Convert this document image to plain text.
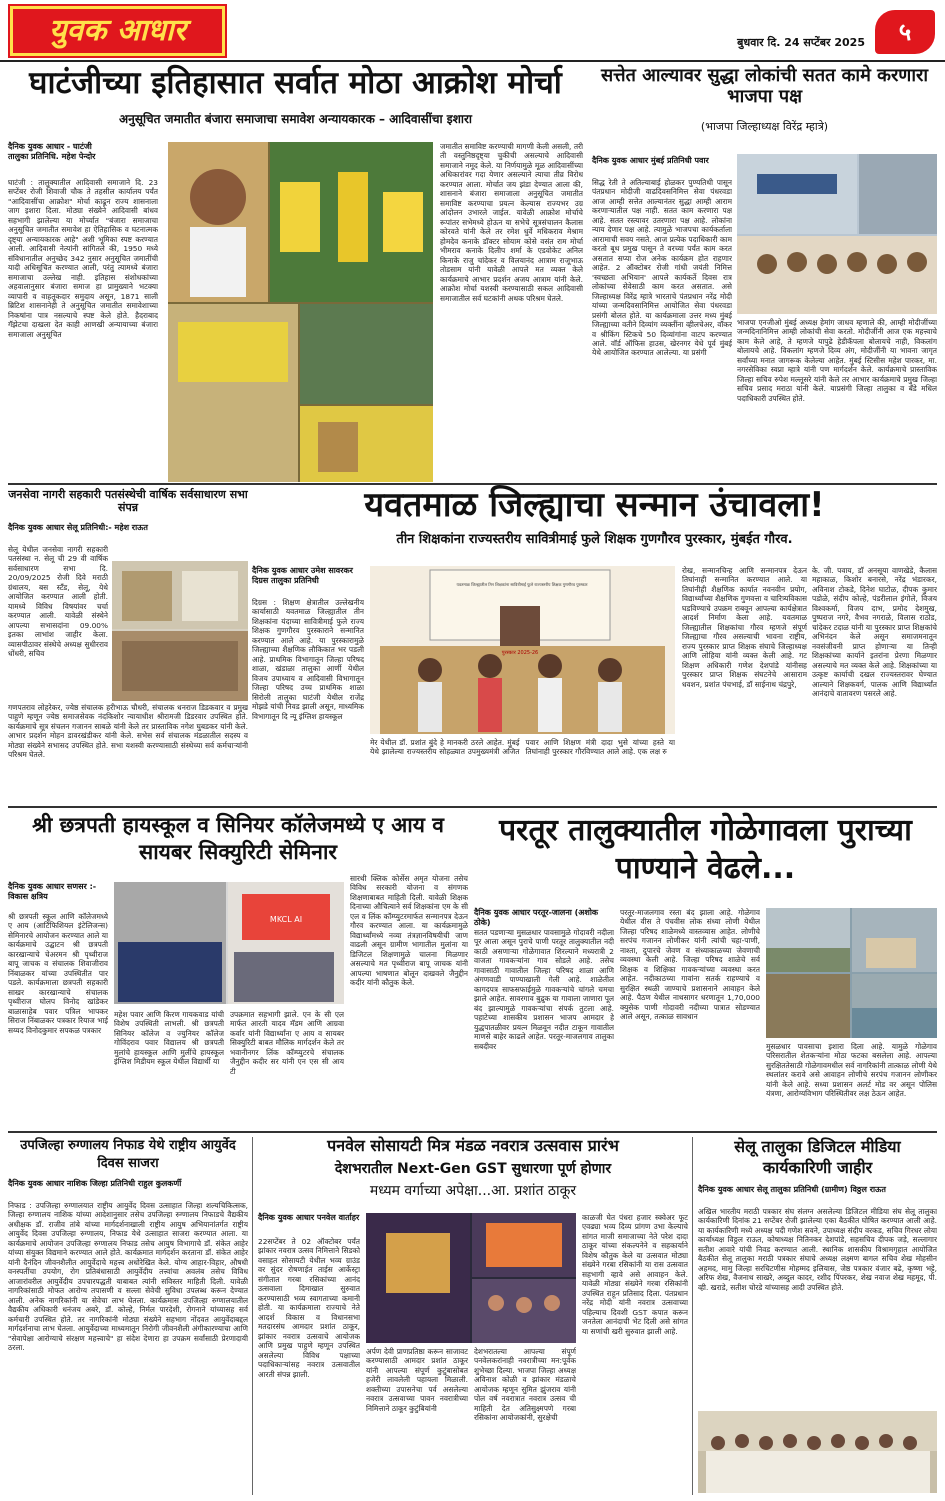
युवक आधार	बुधवार दि. 24 सप्टेंबर 2025	५
घाटंजीच्या इतिहासात सर्वात मोठा आक्रोश मोर्चा
अनुसूचित जमातीत बंजारा समाजाचा समावेश अन्यायकारक – आदिवासींचा इशारा
दैनिक युवक आधार - घाटंजी तालुका प्रतिनिधि. महेश पेन्दोर
घाटंजी : तालुक्यातील आदिवासी समाजाने दि. 23 सप्टेंबर रोजी शिवाजी चौक ते तहसील कार्यालय पर्यंत "आदिवासींचा आक्रोश" मोर्चा काढून राज्य शासनाला जाग इशारा दिला. मोठ्या संख्येने आदिवासी बांधव सहभागी झालेल्या या मोर्च्यात "बंजारा समाजाचा अनुसूचित जमातीत समावेश हा ऐतिहासिक व घटनात्मक दृष्ट्या अन्यायकारक आहे" अशी भूमिका स्पष्ट करण्यात आली. आदिवासी नेत्यांनी सांगितले की, 1950 मध्ये संविधानातील अनुच्छेद 342 नुसार अनुसूचित जमातींची यादी अधिसूचित करण्यात आली, परंतु त्यामध्ये बंजारा समाजाचा उल्लेख नाही. इतिहास संशोधकांच्या अहवालानुसार बंजारा समाज हा प्रामुख्याने भटक्या व्यापारी व वाहतूकदार समुदाय असून, 1871 साली ब्रिटिश शासनानेही ते अनुसूचित जमातीत समावेशाच्या निकषांना पात्र नसल्याचे स्पष्ट केले होते. हैदराबाद गॅझेटचा दाखला देत काही आणखी अन्यायाच्या बंजारा समाजाला अनुसूचित
जमातीत समाविष्ट करण्याची मागणी केली असली, तरी ती वस्तुनिष्ठदृष्ट्या चुकीची असल्याचे आदिवासी समाजाने नमूद केले. या निर्णयामुळे मूळ आदिवासींच्या अधिकारांवर गदा येणार असल्याने त्याचा तीव्र विरोध करण्यात आला. मोर्चात जय झंडा देण्यात आला की, शासनाने बंजारा समाजाला अनुसूचित जमातीत समाविष्ट करण्याचा प्रयत्न केल्यास राज्यभर उग्र आंदोलन उभारले जाईल. यावेळी आक्रोश मोर्चाचे रूपांतर सभेमध्ये होऊन या सभेचे सूत्रसंचालन कैलास कोरवते यांनी केले तर रमेश धुर्वे मधिकराव मेश्राम होमदेव कनाके डॉक्टर सोयाम कोसे वसंत राम मोर्चा भीमराव कनाके दिलीप शर्मा के एडवोकेट अनिल किनाके राजु चांदेकर व विलयानंद आत्राम राजूभाऊ तोडसाम यांनी यावेळी आपले मत व्यक्त केले कार्यक्रमाचे आभार प्रदर्शन अजय आत्राम यांनी केले. आक्रोश मोर्चा यशस्वी करण्यासाठी सकल आदिवासी समाजातील सर्व घटकांनी अथक परिश्रम घेतले.
सत्तेत आल्यावर सुद्धा लोकांची सतत कामे करणारा भाजपा पक्ष
(भाजपा जिल्हाध्यक्ष विरेंद्र म्हात्रे)
दैनिक युवक आधार मुंबई प्रतिनिधी पवार
सिद्ध रेती ते अतिल्याबाई होळकर पुण्यतिथी पासून पंतप्रधान मोदीजी वाढदिवसनिमित्त सेवा पंधरवडा आज आम्ही सत्तेत आल्यानंतर सुद्धा आम्ही आराम करणाऱ्यातील पक्ष नाही. सतत काम करणारा पक्ष आहे. सतत रस्त्यावर उतरणारा पक्ष आहे. लोकांना न्याय देणार पक्ष आहे. त्यामुळे भाजपचा कार्यकर्ताला आरामाची सवय नसते. आज प्रत्येक पदाधिकारी काम करतो बूथ प्रमुख पासून ते वरच्या पर्यंत काम करत असतात सप्या रोज अनेक कार्यक्रम होत राहणार आहेत. 2 ऑक्टोबर रोजी गांधी जयंती निमित्त 'स्वच्छता अभियान' आपले कार्यकर्ते दिवस रात्र लोकांच्या सेवेसाठी काम करत असतात. असे जिल्हाध्यक्ष विरेंद्र म्हात्रे भारताचे पंतप्रधान नरेंद्र मोदी यांच्या जन्मदिवसानिमित्त आयोजित सेवा पंधरवडा प्रसंगी बोलत होते. या कार्यक्रमाला उत्तर मध्य मुंबई जिल्ह्याच्या वतीने दिव्यांग व्यक्तींना व्हीलचेअर, वॉकर व श्रीकिंग स्टिकचे 50 दिव्यांगांना वाटप करण्यात आले. वॉर्ड ऑफिस हाउस, खेरनगर येथे पूर्व मुंबई येथे आयोजित करण्यात आलेल्या. या प्रसंगी
भाजपा एनजीओ मुंबई अध्यक्ष हेमांग जाधव म्हणाले की, आम्ही मोदीजींच्या जन्मदिनानिमित्त आम्ही लोकांची सेवा करतो. मोदीजींनी आज एक महत्त्वाचे काम केले आहे, ते म्हणजे यापुढे हेडीकॅपला बोलायचे नाही, विकलांग बोलायचे आहे. विकलांग म्हणजे दिव्य अंग, मोदीजींनी या भावना जागृत सर्वांच्या मनात जागरूक केलेल्या आहेत. मुंबई स्टिसीस महेश पारकर, मा. नगरसेविका स्वप्ना म्हात्रे यांनी पण मार्गदर्शन केले. कार्यक्रमाचे प्रास्ताविक जिल्हा सचिव रुपेश मल्लूसरे यांनी केले तर आभार कार्यक्रमाचे प्रमुख जिल्हा सचिव प्रसाद मराठा यांनी केले. याप्रसंगी जिल्हा तालुका व बँडे मधिल पदाधिकारी उपस्थित होते.
जनसेवा नागरी सहकारी पतसंस्थेची वार्षिक सर्वसाधारण सभा संपन्न
दैनिक युवक आधार सेलू प्रतिनिधी:- महेश राऊत
सेलू येथील जनसेवा नागरी सहकारी पतसंस्था न. सेलू ची 29 वी वार्षिक सर्वसाधारण सभा दि. 20/09/2025 रोजी दिवे मराठी ग्रंथालय, बस स्टँड, सेलू, येथे आयोजित करण्यात आली होती. यामध्ये विविध विषयांवर चर्चा करण्यात आली. यावेळी संस्थेने आपल्या सभासदांना 09.00% इतका लाभांश जाहीर केला. व्यासपीठावर संस्थेचे अध्यक्ष सुधीरराव धोंधरी, सचिव
गणपतराव लोहरेकर, ज्येष्ठ संचालक हरीभाऊ चौधरी, संचालक धनराज डिडकवार व प्रमुख पाहुणे म्हणून ज्येष्ठ समाजसेवक नंदकिशोर न्यायाधीश श्रीरामजी डिडरवार उपस्थित होते. कार्यक्रमाचे सूत्र संचलन गजानन साबळे यांनी केले तर प्रास्ताविक नगेश घुबडकर यांनी केले. आभार प्रदर्शन मोहन डावरखंडीकर यांनी केले. सभेस सर्व संचालक मंडळातील सदस्य व मोठ्या संख्येने सभासद उपस्थित होते. सभा यशस्वी करण्यासाठी संस्थेच्या सर्व कर्मचाऱ्यांनी परिश्रम घेतले.
यवतमाळ जिल्ह्याचा सन्मान उंचावला!
तीन शिक्षकांना राज्यस्तरीय सावित्रीमाई फुले शिक्षक गुणगौरव पुरस्कार, मुंबईत गौरव.
दैनिक युवक आधार उमेश सावरकर दिग्रस तालुका प्रतिनिधी
दिग्रस : शिक्षण क्षेत्रातील उल्लेखनीय कार्यासाठी यवतमाळ जिल्ह्यातील तीन शिक्षकांना यंदाच्या सावित्रीमाई फुले राज्य शिक्षक गुणगौरव पुरस्काराने सन्मानित करण्यात आले आहे. या पुरस्कारामुळे जिल्ह्याच्या शैक्षणिक लौकिकात भर पडली आहे. प्राथमिक विभागातून जिल्हा परिषद शाळा, खंडाळा तालुका आर्णी येथील विजय उपाध्याय व आदिवासी विभागातून जिल्हा परिषद उच्च प्राथमिक शाळा सिरोली तालुका घाटंजी येथील राजेंद्र मोझडे यांची निवड झाली असून, माध्यमिक विभागातून दि न्यू इंग्लिश हायस्कूल
यवतमाळ जिल्ह्यातील तिन शिक्षकांना सावित्रीमाई फुले राज्यस्तरीय शिक्षक गुणगौरव पुरस्कार
पुरस्कार 2025-26
मेर येथील डॉ. प्रशांत बुंदे हे मानकरी ठरले आहेत. मुंबई येथे झालेल्या राज्यस्तरीय सोहळ्यात उपमुख्यमंत्री अजित पवार आणि शिक्षण मंत्री दादा भुसे यांच्या हस्ते या तिघांनाही पुरस्कार गौरविण्यात आले आहे. एक लक्ष रु
रोख, सन्मानचिन्ह आणि सन्मानपत्र देऊन तिघांनाही सन्मानित करण्यात आले. या तिघांनीही शैक्षणिक कार्यात नवनवीन प्रयोग, विद्यार्थ्यांच्या शैक्षणिक गुणवत्ता व चारित्र्यविकास घडविण्याचे उपक्रम राबवून आपल्या कार्यक्षेत्रात आदर्श निर्माण केला आहे. यवतमाळ जिल्ह्यातील शिक्षकांचा गौरव म्हणजे संपूर्ण जिल्ह्याचा गौरव असल्याची भावना राष्ट्रीय, राज्य पुरस्कार प्राप्त शिक्षक संघाचे जिल्हाध्यक्ष आणि लोहिया यांनी व्यक्त केली आहे. गट शिक्षण अधिकारी गणेश देशपांडे यांनीसह पुरस्कार प्राप्त शिक्षक संघटनेचे आसाराम धवशन, प्रशांत पंचभाई, डॉ साईनाथ चंद्रपुरे,
के. जी. पवाय, डॉ अनसूया वाणखेडे, कैलास महाकाळ, किशोर बनारसे, नरेंद्र भंडारकर, अविनाश टोकडे, दिनेश घाटोळ, दीपक कुमार पडोळे, संदीप कोल्हे, पंडरीलाल इंगोले, विजय विश्वकर्मा, विजय दाभ, प्रमोद देशमुख, पुष्पराज नगरे, वैभव नगराळे, विलास राठोड, चांदेकर टदाळ यांनी या पुरस्कार प्राप्त शिक्षकांचे अभिनंदन केले असून समाजमनातून नवसंजीवनी प्राप्त होणाऱ्या या तिन्ही शिक्षकांच्या कार्याने इतरांना प्रेरणा मिळणार असल्याचे मत व्यक्त केले आहे. शिक्षकांच्या या उत्कृष्ट कार्याची दखल राज्यस्तरावर घेण्यात आल्याने शिक्षकवर्ग, पालक आणि विद्यार्थ्यांत आनंदाचे वातावरण पसरले आहे.
श्री छत्रपती हायस्कूल व सिनियर कॉलेजमध्ये ए आय व सायबर सिक्युरिटी सेमिनार
दैनिक युवक आधार सणसर :- विकास क्षत्रिय
श्री छत्रपती स्कूल आणि कॉलेजमध्ये ए आय (आर्टिफिशियल इंटेलिजन्स) सेमिनारचे आयोजन करण्यात आले या कार्यक्रमाचे उद्घाटन श्री छत्रपती कारखान्याचे चेअरमन श्री पृथ्वीराज बापू जाचक व संचालक शिवाजीराव निंबाळकर यांच्या उपस्थितीत पार पडले. कार्यक्रमाला छत्रपती सहकारी साखर कारखान्याचे संचालक पृथ्वीराज घोलप विनोद खांडेकर बाळासाहेब पवार पत्रिल भापकर सिराज निंबाळकर पत्रकार रियाज भाई सय्यद विनोदकुमार सपकळ पत्रकार
MKCL AI
महेश पवार आणि किरण गायकवाड यांची विशेष उपस्थिती लाभली. श्री छत्रपती सिनियर कॉलेज व ज्युनियर कॉलेज गोविंदराव पवार विद्यालय श्री छत्रपती मुलांचे हायस्कूल आणि मुलींचे हायस्कूल इंग्लिश मिडीयम स्कूल येथील विद्यार्थी या
उपक्रमात सहभागी झाले. एन के सी एल मार्फत आरती यादव मॅडम आणि आग्रवा कर्वार यांनी विद्यार्थ्यांना ए आय व सायबर सिक्युरिटी बाबत मौलिक मार्गदर्शन केले तर भवानीनगर लिंक कॉम्प्युटरचे संचालक जैनुद्दीन कदीर सर यांनी एन एस सी आय टी
सारथी क्लिक कोर्सेस अमृत योजना तसेच विविध सरकारी योजना व संगणक शिक्षणाबाबत माहिती दिली. यावेळी शिक्षक दिनाच्या औचित्याने सर्व शिक्षकांना एम के सी एल व लिंक कॉम्प्युटरमार्फत सन्मानपत्र देऊन गौरव करण्यात आला. या कार्यक्रमामुळे विद्यार्थ्यांमध्ये नव्या तंत्रज्ञानविषयीची जाण वाढली असून ग्रामीण भागातील मुलांना या डिजिटल शिक्षणामुळे चालना मिळणार असल्याचे मत पृथ्वीराज बापू जाचक यांनी आपल्या भाषणात बोलून दाखवले जैनुद्दीन कदीर यांनी कौतुक केले.
परतूर तालुक्यातील गोळेगावला पुराच्या पाण्याने वेढले...
दैनिक युवक आधार परतूर-जालना (अशोक ठोके)
सतत पडणाऱ्या मुसळधार पावसामुळे गोदावरी नदीला पूर आला असून पुराचे पाणी परतूर तालुक्यातील नदी काठी असणाऱ्या गोळेगावात शिरल्याने मध्यरात्री 2 वाजता गावकऱ्यांना गाव सोडले आहे. तसेच गावासाठी गावातील जिल्हा परिषद शाळा आणि अंगणवाडी पाण्याखाली गेली आहे. शाळेतील कागदपत्र साफसफाईमुळे गावकऱ्यांचे चांगले चमचा झाले आहेत. सावरगाव बुद्रुक या गावाला जाणारा पूल बंद झाल्यामुळे गावकऱ्यांचा संपर्क तुटला आहे. पहाटेच्या शासकीय प्रशासन भाजप आमदार हे युद्धपातळीवर प्रयत्न मिळवून नदीत टाकून गावातील माणसे बाहेर काढले आहेत. परतूर-माजलगाव तालुका सबदीवर
परतूर-माजलगाव रस्ता बंद झाला आहे. गोळेगाव येथील वीस ते पंचवीस लोक संध्या लोणी येथील जिल्हा परिषद शाळेमध्ये वास्तव्यास आहेत. लोणीचे सरपंच गजानन लोणीकर यांनी त्यांची चहा-पाणी, नाश्ता, दुपारचे जेवण व संध्याकाळच्या जेवणाची व्यवस्था केली आहे. जिल्हा परिषद शाळेचे सर्व शिक्षक व शिक्षिका गावकऱ्यांच्या व्यवस्था करत आहेत. नदीकाठच्या गावांना सतर्क राहण्याचे व सुरक्षित स्थळी जाण्याचे प्रशासनाने आवाहन केले आहे. पैठण येथील नाथसागर धरणातून 1,70,000 क्युसेक पाणी गोदावरी नदीच्या पात्रात सोडण्यात आले असून, तत्काळ सावधान
मुसळधार पावसाचा इशारा दिला आहे. यामुळे गोळेगाव परिसरातील शेतकऱ्यांना मोठा फटका बसलेला आहे. आपल्या सुरक्षिततेसाठी गोळेगावमधील सर्व नागरिकांनी तात्काळ लोणी येथे स्थलांतर करावे असे आवाहन लोणीचे सरपंच गजानन लोणीकर यांनी केले आहे. सध्या प्रशासन अलर्ट मोड वर असून पोलिस यंत्रणा, आरोग्यविभाग परिस्थितीवर लक्ष ठेऊन आहेत.
उपजिल्हा रुग्णालय निफाड येथे राष्ट्रीय आयुर्वेद दिवस साजरा
दैनिक युवक आधार नाशिक जिल्हा प्रतिनिधी राहुल कुलकर्णी
निफाड : उपजिल्हा रुग्णालयात राष्ट्रीय आयुर्वेद दिवस उत्साहात जिल्हा शल्यचिकित्सक, जिल्हा रुग्णालय नाशिक यांच्या आदेशानुसार तसेच उपजिल्हा रुग्णालय निफाडचे वैद्यकीय अधीक्षक डॉ. राजीव तांबे यांच्या मार्गदर्शनाखाली राष्ट्रीय आयुष अभियानांतर्गत राष्ट्रीय आयुर्वेद दिवस उपजिल्हा रुग्णालय, निफाड येथे उत्साहात साजरा करण्यात आला. या कार्यक्रमाचे आयोजन उपजिल्हा रुग्णालय निफाड तसेच आयुष विभागाचे डॉ. संकेत आहेर यांच्या संयुक्त विद्यमाने करण्यात आले होते. कार्यक्रमात मार्गदर्शन करताना डॉ. संकेत आहेर यांनी दैनंदिन जीवनशैलीत आयुर्वेदाचे महत्त्व अधोरेखित केले. योग्य आहार-विहार, औषधी वनस्पतींचा उपयोग, रोग प्रतिबंधासाठी आयुर्वेदीय तत्त्वांचा अवलंब तसेच विविध आजारांवरील आयुर्वेदीय उपचारपद्धती याबाबत त्यांनी सविस्तर माहिती दिली. यावेळी नागरिकांसाठी मोफत आरोग्य तपासणी व सल्ला सेवेची सुविधा उपलब्ध करून देण्यात आली. अनेक नागरिकांनी या सेवेचा लाभ घेतला. कार्यक्रमास उपजिल्हा रुग्णालयातील वैद्यकीय अधिकारी धनंजय अबरे, डॉ. कोल्हे, निर्मल पारदेशी, रोगनाने यांच्यासह सर्व कर्मचारी उपस्थित होते. तर नागरिकांनी मोठ्या संख्येने सहभाग नोंदवत आयुर्वेदाबद्दल मार्गदर्शनाचा लाभ घेतला. आयुर्वेदाच्या माध्यमातून निरोगी जीवनशैली अंगीकारण्याचा आणि "सेवापेक्षा आरोग्याचे संरक्षण महत्त्वाचे" हा संदेश देणारा हा उपक्रम सर्वांसाठी प्रेरणादायी ठरला.
पनवेल सोसायटी मित्र मंडळ नवरात्र उत्सवास प्रारंभ
देशभरातील Next-Gen GST सुधारणा पूर्ण होणार
मध्यम वर्गाच्या अपेक्षा...आ. प्रशांत ठाकूर
दैनिक युवक आधार पनवेल वार्ताहर
22सप्टेंबर ते 02 ऑक्टोबर पर्यंत झांकार नवरात्र उत्सव निमित्ताने सिडको वसाहत सोसायटी येथील भव्य ग्राउंड वर सुंदर रोषणाईत ताईस आर्केस्ट्रा संगीतात गरबा रसिकांच्या आनंद उत्सवाला दिमाखात सुरुवात करण्यासाठी भव्य स्वागताच्या कमानी होती. या कार्यक्रमाला राज्याचे नेते आदर्श विकास व विधानसभा मतदारसंघ आमदार प्रशांत ठाकूर, झांकार नवरात्र उत्सवाचे आयोजक आणि प्रमुख पाहुणे म्हणून उपस्थित असलेल्या विविध पक्षाच्या पदाधिकाऱ्यांसह नवरात्र उत्सवातील आरती संपन्न झाली.
अर्पण देवी प्राणप्रतिष्ठा करून साजावट करण्यासाठी आमदार प्रशांत ठाकूर यांनी आपल्या संपूर्ण कुटुंबासोबत हजेरी लावलेली पहायला मिळाली. शक्तीच्या उपासनेचा पर्व असलेल्या नवरात्र उत्सवाच्या पावन नवरात्रीच्या निमित्ताने ठाकूर कुटुंबियांनी
देशभरातल्या आपल्या संपूर्ण पनवेलकरांनाही नवरात्रीच्या मन:पूर्वक शुभेच्छा दिल्या. भाजपा जिल्हा अध्यक्ष अविनाश कोळी व झांकार मंडळाचे आयोजक म्हणून सुमित झुंजराव यांनी पोल वर्ष नवरात्रात नवरात्र उत्सव ची माहिती देत अतिसुक्ष्मपणे गरबा रसिकांना आयोजकांनी, सुरक्षेची
काळजी घेत पंधरा हजार स्क्वेअर फूट एवढ्या भव्य दिव्य प्रांगण उभा केल्याचे सांगत माजी समाजाच्या नेते परेश दादा ठाकूर यांच्या संकल्पनेने व सहकार्याने विशेष कौतुक केले या उत्सवात मोठ्या संख्येने गरबा रसिकांनी या रास उत्सवात सहभागी व्हावे असे आवाहन केले. यावेळी मोठ्या संख्येने गरबा रसिकांनी उपस्थित राहून प्रतिसाद दिला. पंतप्रधान नरेंद्र मोदी यांनी नवरात्र उत्सवाच्या पहिल्याच दिवशी GST कपात करून जनतेला आनंदाची भेट दिली असे सांगत या सणांची खरी सुरुवात झाली आहे.
सेलू तालुका डिजिटल मीडिया कार्यकारिणी जाहीर
दैनिक युवक आधार सेलू तालुका प्रतिनिधी (ग्रामीण) विठ्ठल राऊत
अखिल भारतीय मराठी पत्रकार संघ संलग्न असलेल्या डिजिटल मीडिया संघ सेलू तालुका कार्यकारिणी दिनांक 21 सप्टेंबर रोजी झालेल्या एका बैठकीत घोषित करण्यात आली आहे. या कार्यकारिणी मध्ये अध्यक्ष पदी गणेश सवने, उपाध्यक्ष संदीप वरकड, सचिव गिरधर लोया कार्याध्यक्ष विठ्ठल राऊत, कोषाध्यक्ष नितिनकर देशपांडे, सहसचिव दीपक जड़े, सल्लागार सतीश आवारे यांची निवड करण्यात आली. स्थानिक शासकीय विश्रामगृहात आयोजित बैठकीत सेलू तालुका मराठी पत्रकार संघाचे अध्यक्ष लक्ष्मण बागल सचिव शेख मोहसीन अहमद, मामु जिल्हा सरचिटणीस मोहम्मद इलियास, जेष्ठ पत्रकार वंजार बढे, कृष्णा भट्टे, अरिफ शेख, वैजनाथ साखरे, अब्दुल कादर, रशीद पिंपरकर, शेख नवाज शेख महमूद, पी. व्ही. खराडे, सतीश चोरडे यांच्यासह आदी उपस्थित होते.
